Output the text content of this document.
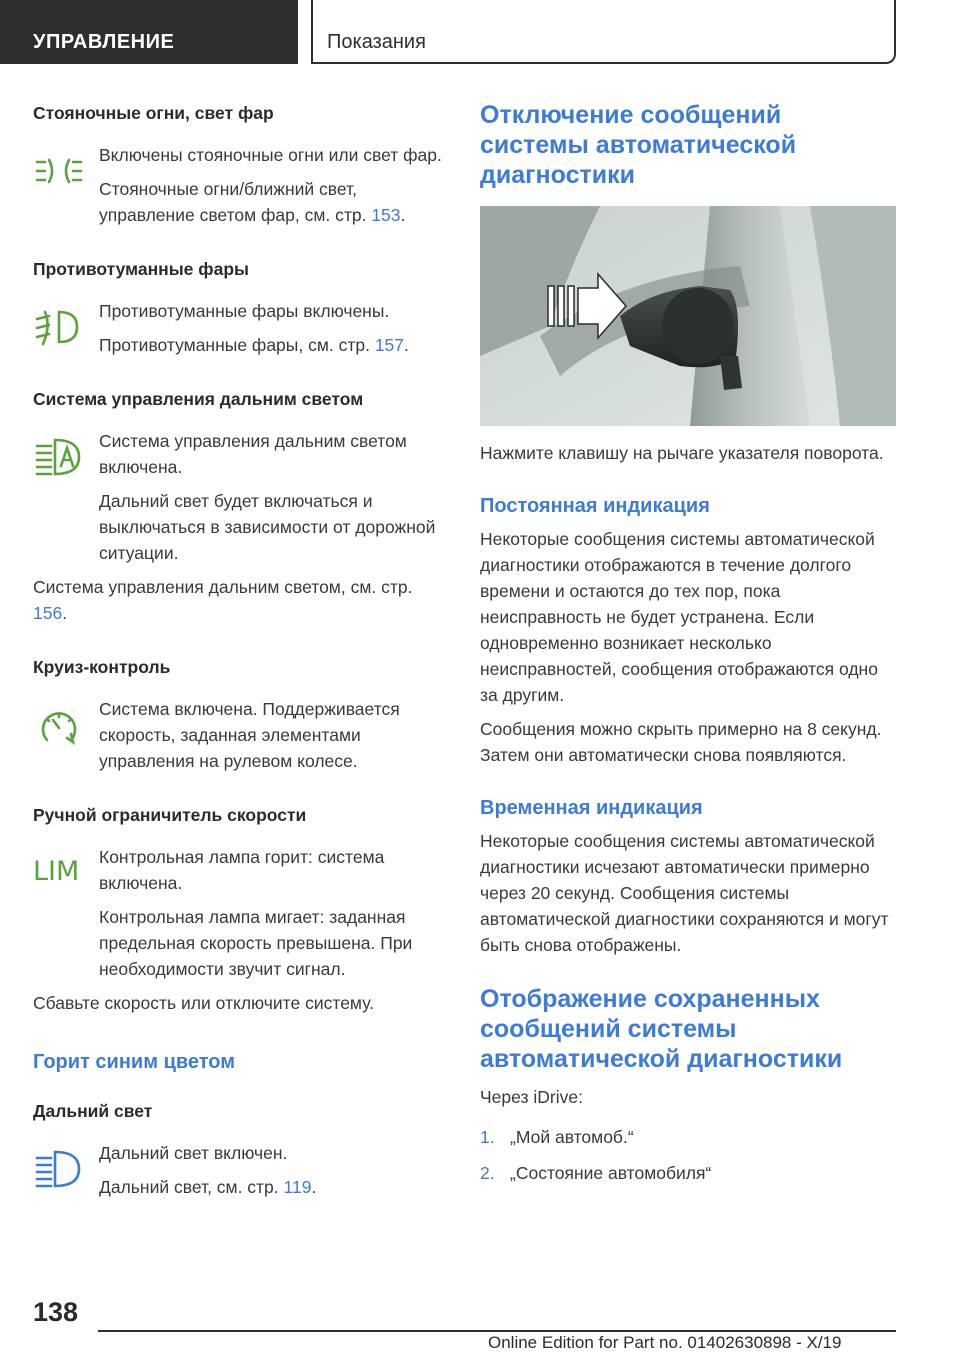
УПРАВЛЕНИЕ	Показания
Стояночные огни, свет фар

Включены стояночные огни или свет фар.

Стояночные огни/ближний свет, управление светом фар, см. стр. 153.

Противотуманные фары

Противотуманные фары включены.

Противотуманные фары, см. стр. 157.

Система управления дальним светом

Система управления дальним светом включена.

Дальний свет будет включаться и выключаться в зависимости от дорожной ситуации.

Система управления дальним светом, см. стр. 156.

Круиз-контроль

Система включена. Поддерживается скорость, заданная элементами управления на рулевом колесе.

Ручной ограничитель скорости
LIM	Контрольная лампа горит: система включена.

Контрольная лампа мигает: заданная предельная скорость превышена. При необходимости звучит сигнал.

Сбавьте скорость или отключите систему.

Горит синим цветом
Дальний свет

Дальний свет включен.

Дальний свет, см. стр. 119.

Отключение сообщений системы автоматической диагностики

Нажмите клавишу на рычаге указателя поворота.

Постоянная индикация

Некоторые сообщения системы автоматической диагностики отображаются в течение долгого времени и остаются до тех пор, пока неисправность не будет устранена. Если одновременно возникает несколько неисправностей, сообщения отображаются одно за другим.

Сообщения можно скрыть примерно на 8 секунд. Затем они автоматически снова появляются.

Временная индикация

Некоторые сообщения системы автоматической диагностики исчезают автоматически примерно через 20 секунд. Сообщения системы автоматической диагностики сохраняются и могут быть снова отображены.

Отображение сохраненных сообщений системы автоматической диагностики

Через iDrive:

1. „Мой автомоб.“
2. „Состояние автомобиля“
138
Online Edition for Part no. 01402630898 - X/19
